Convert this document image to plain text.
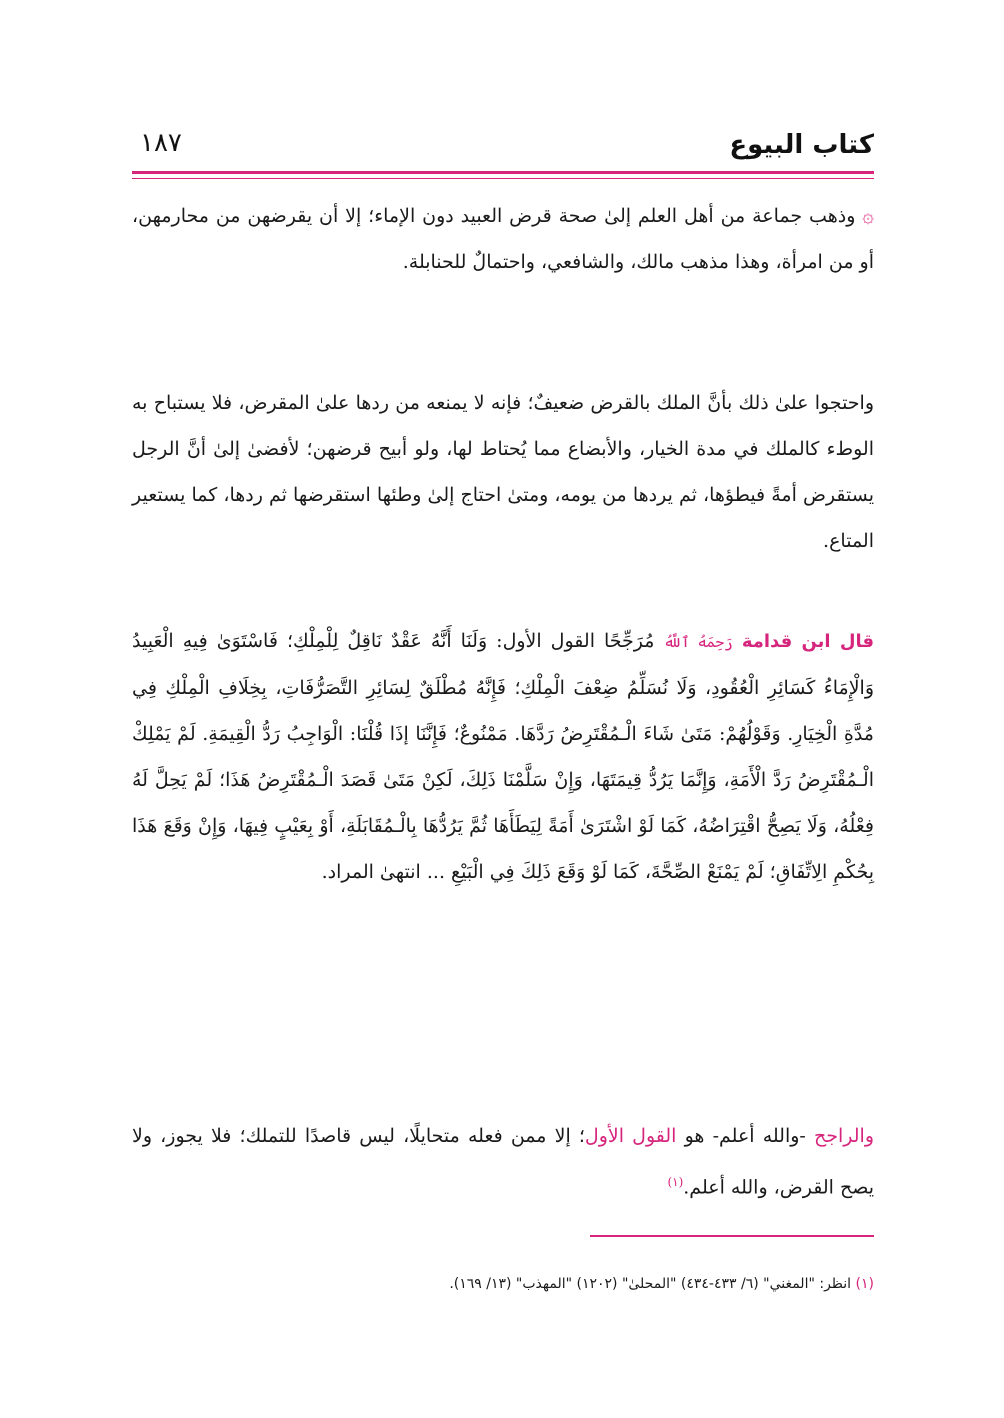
كتاب البيوع
١٨٧
۞ وذهب جماعة من أهل العلم إلىٰ صحة قرض العبيد دون الإماء؛ إلا أن يقرضهن من محارمهن، أو من امرأة، وهذا مذهب مالك، والشافعي، واحتمالٌ للحنابلة.
واحتجوا علىٰ ذلك بأنَّ الملك بالقرض ضعيفٌ؛ فإنه لا يمنعه من ردها علىٰ المقرض، فلا يستباح به الوطء كالملك في مدة الخيار، والأبضاع مما يُحتاط لها، ولو أبيح قرضهن؛ لأفضىٰ إلىٰ أنَّ الرجل يستقرض أمةً فيطؤها، ثم يردها من يومه، ومتىٰ احتاج إلىٰ وطئها استقرضها ثم ردها، كما يستعير المتاع.
قال ابن قدامة رَحِمَهُ ٱللَّهُ مُرَجِّحًا القول الأول: وَلَنَا أَنَّهُ عَقْدٌ نَاقِلٌ لِلْمِلْكِ؛ فَاسْتَوَىٰ فِيهِ الْعَبِيدُ وَالْإِمَاءُ كَسَائِرِ الْعُقُودِ، وَلَا نُسَلِّمُ ضِعْفَ الْمِلْكِ؛ فَإِنَّهُ مُطْلَقٌ لِسَائِرِ التَّصَرُّفَاتِ، بِخِلَافِ الْمِلْكِ فِي مُدَّةِ الْخِيَارِ. وَقَوْلُهُمْ: مَتَىٰ شَاءَ الْـمُقْتَرِضُ رَدَّهَا. مَمْنُوعٌ؛ فَإِنَّنَا إذَا قُلْنَا: الْوَاجِبُ رَدُّ الْقِيمَةِ. لَمْ يَمْلِكْ الْـمُقْتَرِضُ رَدَّ الْأَمَةِ، وَإِنَّمَا يَرُدُّ قِيمَتَهَا، وَإِنْ سَلَّمْنَا ذَلِكَ، لَكِنْ مَتَىٰ قَصَدَ الْـمُقْتَرِضُ هَذَا؛ لَمْ يَحِلَّ لَهُ فِعْلُهُ، وَلَا يَصِحُّ اقْتِرَاضُهُ، كَمَا لَوْ اشْتَرَىٰ أَمَةً لِيَطَأَهَا ثُمَّ يَرُدُّهَا بِالْـمُقَابَلَةِ، أَوْ بِعَيْبٍ فِيهَا، وَإِنْ وَقَعَ هَذَا بِحُكْمِ الِاتِّفَاقِ؛ لَمْ يَمْنَعْ الصِّحَّةَ، كَمَا لَوْ وَقَعَ ذَلِكَ فِي الْبَيْعِ ... انتهىٰ المراد.
والراجح -والله أعلم- هو القول الأول؛ إلا ممن فعله متحايلًا، ليس قاصدًا للتملك؛ فلا يجوز، ولا يصح القرض، والله أعلم.$^{(١)}$
(١) انظر: "المغني" (٦/ ٤٣٣-٤٣٤) "المحلىٰ" (١٢٠٢) "المهذب" (١٣/ ١٦٩).
